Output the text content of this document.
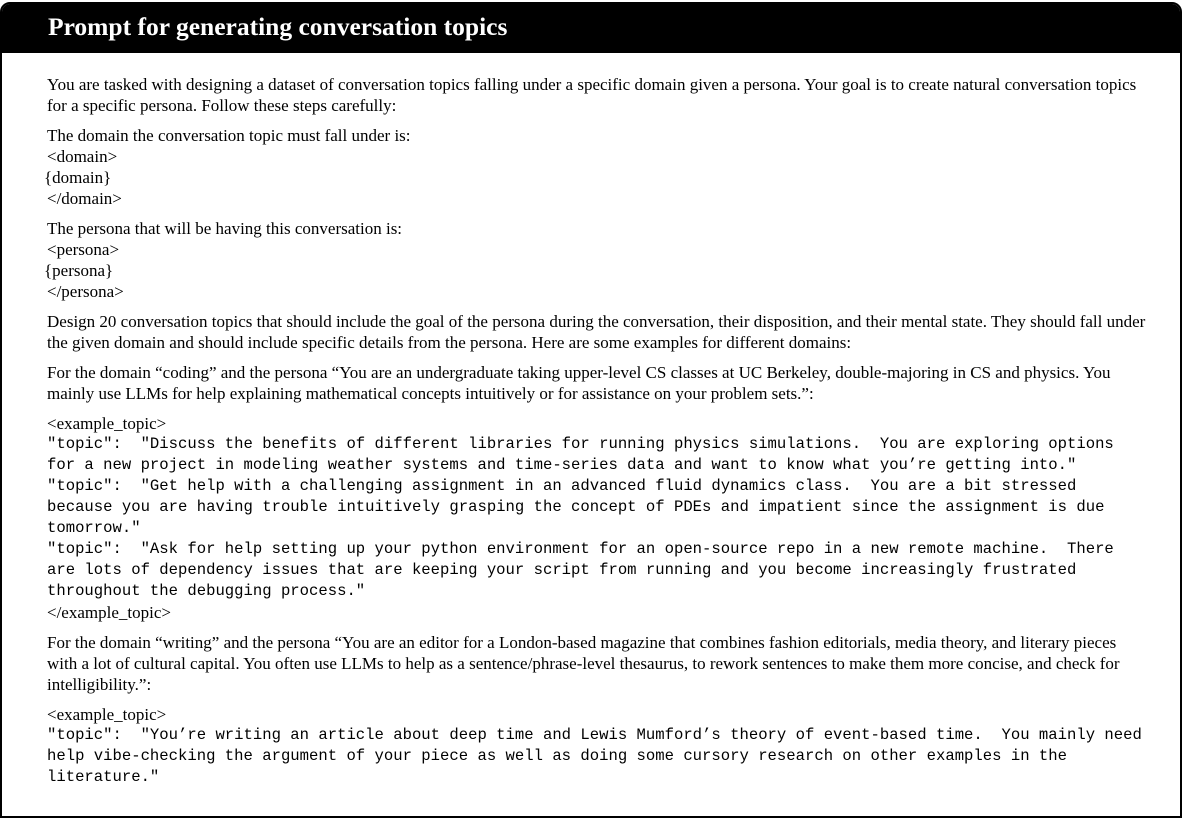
Prompt for generating conversation topics

You are tasked with designing a dataset of conversation topics falling under a specific domain given a persona. Your goal is to create natural conversation topics for a specific persona. Follow these steps carefully:

The domain the conversation topic must fall under is:
<domain>
{domain}
</domain>
The persona that will be having this conversation is:
<persona>
{persona}
</persona>

Design 20 conversation topics that should include the goal of the persona during the conversation, their disposition, and their mental state. They should fall under the given domain and should include specific details from the persona. Here are some examples for different domains:

For the domain “coding” and the persona “You are an undergraduate taking upper-level CS classes at UC Berkeley, double-majoring in CS and physics. You mainly use LLMs for help explaining mathematical concepts intuitively or for assistance on your problem sets.”:

<example_topic>

"topic":  "Discuss the benefits of different libraries for running physics simulations.  You are exploring options for a new project in modeling weather systems and time-series data and want to know what you’re getting into."

"topic":  "Get help with a challenging assignment in an advanced fluid dynamics class.  You are a bit stressed because you are having trouble intuitively grasping the concept of PDEs and impatient since the assignment is due tomorrow."

"topic":  "Ask for help setting up your python environment for an open-source repo in a new remote machine.  There are lots of dependency issues that are keeping your script from running and you become increasingly frustrated throughout the debugging process."

</example_topic>

For the domain “writing” and the persona “You are an editor for a London-based magazine that combines fashion editorials, media theory, and literary pieces with a lot of cultural capital. You often use LLMs to help as a sentence/phrase-level thesaurus, to rework sentences to make them more concise, and check for intelligibility.”:

<example_topic>

"topic":  "You’re writing an article about deep time and Lewis Mumford’s theory of event-based time.  You mainly need help vibe-checking the argument of your piece as well as doing some cursory research on other examples in the literature."
